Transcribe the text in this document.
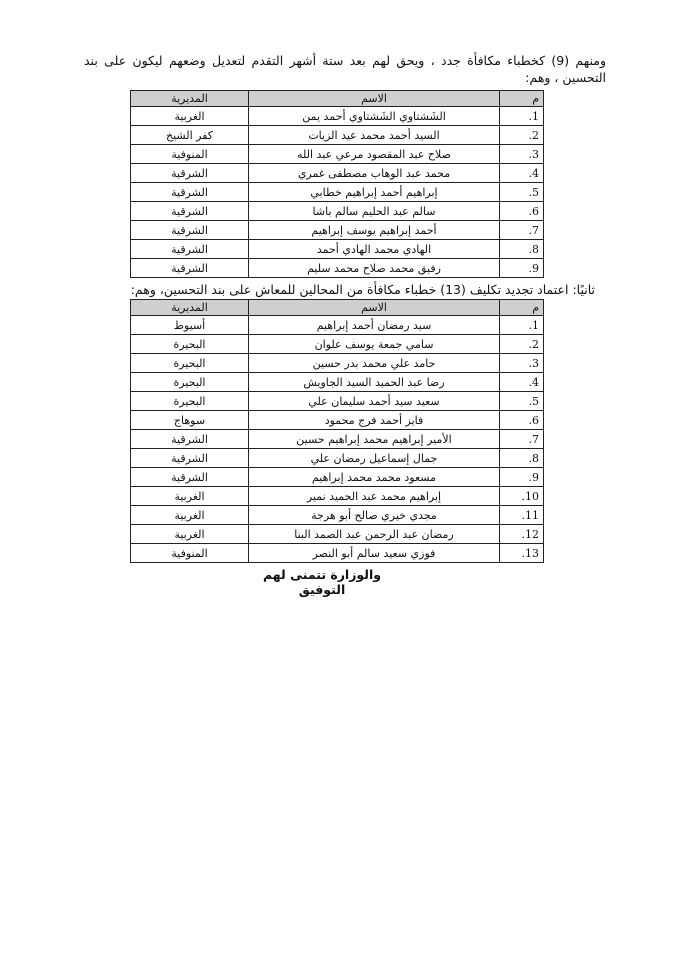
ومنهم (9) كخطباء مكافأة جدد ، ويحق لهم بعد ستة أشهر التقدم لتعديل وضعهم ليكون على بند التحسين ، وهم:
م	الاسم	المديرية
1.	الشَشتاوي الشَشتاوي أحمد يمن	الغربية
2.	السيد أحمد محمد عيد الزيات	كفر الشيخ
3.	صلاح عبد المقصود مرعي عبد الله	المنوفية
4.	محمد عبد الوهاب مصطفى غمري	الشرقية
5.	إبراهيم أحمد إبراهيم خطابي	الشرقية
6.	سالم عبد الحليم سالم باشا	الشرقية
7.	أحمد إبراهيم يوسف إبراهيم	الشرقية
8.	الهادي محمد الهادي أحمد	الشرقية
9.	رفيق محمد صلاح محمد سليم	الشرقية
ثانيًا: اعتماد تجديد تكليف (13) خطباء مكافأة من المحالين للمعاش على بند التحسين، وهم:
م	الاسم	المديرية
1.	سيد رمضان أحمد إبراهيم	أسيوط
2.	سامي جمعة يوسف علوان	البحيرة
3.	حامد علي محمد بدر حسين	البحيرة
4.	رضا عبد الحميد السيد الجاويش	البحيرة
5.	سعيد سيد أحمد سليمان علي	البحيرة
6.	فايز أحمد فرج محمود	سوهاج
7.	الأمير إبراهيم محمد إبراهيم حسين	الشرقية
8.	جمال إسماعيل رمضان علي	الشرقية
9.	مسعود محمد محمد إبراهيم	الشرقية
10.	إبراهيم محمد عبد الحميد نمير	الغربية
11.	مجدي خيري صالح أبو هرجة	الغربية
12.	رمضان عبد الرحمن عبد الصمد البنا	الغربية
13.	فوزي سعيد سالم أبو النصر	المنوفية
والوزارة تتمنى لهم التوفيق
